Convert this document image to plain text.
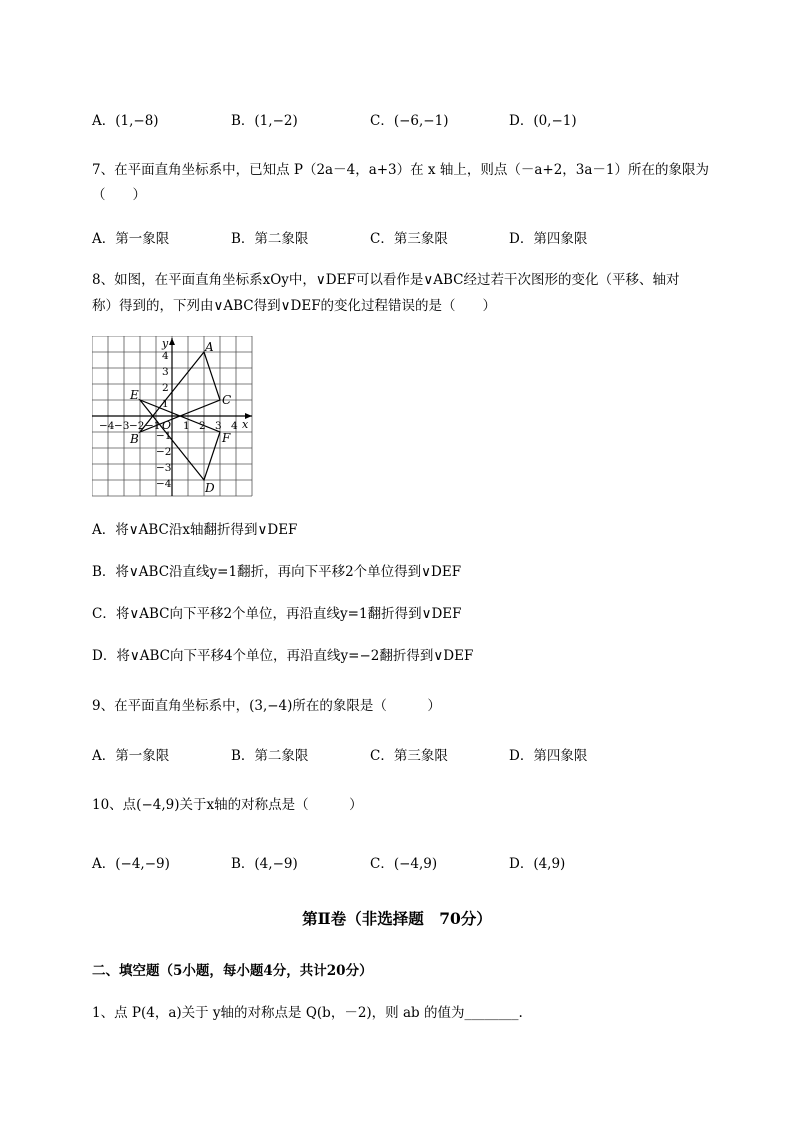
A．(1,−8)	B．(1,−2)	C．(−6,−1)	D．(0,−1)
7、在平面直角坐标系中，已知点 P（2a－4，a+3）在 x 轴上，则点（－a+2，3a－1）所在的象限为
（　　）
A．第一象限	B．第二象限	C．第三象限	D．第四象限
8、如图，在平面直角坐标系xOy中，∨DEF可以看作是∨ABC经过若干次图形的变化（平移、轴对
称）得到的，下列由∨ABC得到∨DEF的变化过程错误的是（　　）
x
y
O
−4 −3 −2 −1 1 2 3 4
4
3
2
1
−1
−2
−3
−4
A
B
C
D
E
F
A．将∨ABC沿x轴翻折得到∨DEF
B．将∨ABC沿直线y=1翻折，再向下平移2个单位得到∨DEF
C．将∨ABC向下平移2个单位，再沿直线y=1翻折得到∨DEF
D．将∨ABC向下平移4个单位，再沿直线y=−2翻折得到∨DEF
9、在平面直角坐标系中，(3,−4)所在的象限是（　　　）
A．第一象限	B．第二象限	C．第三象限	D．第四象限
10、点(−4,9)关于x轴的对称点是（　　　）
A．(−4,−9)	B．(4,−9)	C．(−4,9)	D．(4,9)
第Ⅱ卷（非选择题　70分）
二、填空题（5小题，每小题4分，共计20分）
1、点 P(4，a)关于 y轴的对称点是 Q(b，－2)，则 ab 的值为________.
